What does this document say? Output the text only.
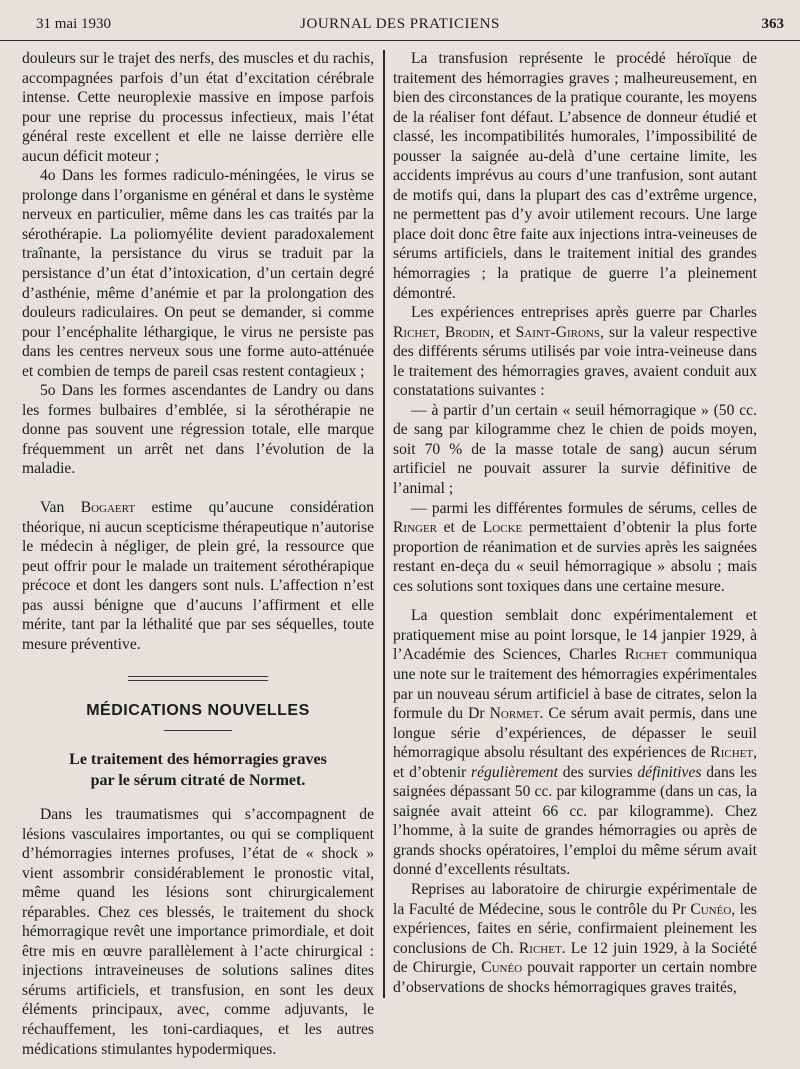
31 mai 1930	JOURNAL DES PRATICIENS	363

douleurs sur le trajet des nerfs, des muscles et du rachis, accompagnées parfois d’un état d’excitation cérébrale intense. Cette neuroplexie massive en impose parfois pour une reprise du processus infectieux, mais l’état général reste excellent et elle ne laisse derrière elle aucun déficit moteur ;

4o Dans les formes radiculo-méningées, le virus se prolonge dans l’organisme en général et dans le système nerveux en particulier, même dans les cas traités par la sérothérapie. La poliomyélite devient paradoxalement traînante, la persistance du virus se traduit par la persistance d’un état d’intoxication, d’un certain degré d’asthénie, même d’anémie et par la prolongation des douleurs radiculaires. On peut se demander, si comme pour l’encéphalite léthargique, le virus ne persiste pas dans les centres nerveux sous une forme auto-atténuée et combien de temps de pareil csas restent contagieux ;

5o Dans les formes ascendantes de Landry ou dans les formes bulbaires d’emblée, si la sérothérapie ne donne pas souvent une régression totale, elle marque fréquemment un arrêt net dans l’évolution de la maladie.

Van Bogaert estime qu’aucune considération théorique, ni aucun scepticisme thérapeutique n’autorise le médecin à négliger, de plein gré, la ressource que peut offrir pour le malade un traitement sérothérapique précoce et dont les dangers sont nuls. L’affection n’est pas aussi bénigne que d’aucuns l’affirment et elle mérite, tant par la léthalité que par ses séquelles, toute mesure préventive.

MÉDICATIONS NOUVELLES
Le traitement des hémorragies graves
par le sérum citraté de Normet.

Dans les traumatismes qui s’accompagnent de lésions vasculaires importantes, ou qui se compliquent d’hémorragies internes profuses, l’état de « shock » vient assombrir considérablement le pronostic vital, même quand les lésions sont chirurgicalement réparables. Chez ces blessés, le traitement du shock hémorragique revêt une importance primordiale, et doit être mis en œuvre parallèlement à l’acte chirurgical : injections intraveineuses de solutions salines dites sérums artificiels, et transfusion, en sont les deux éléments principaux, avec, comme adjuvants, le réchauffement, les toni-cardiaques, et les autres médications stimulantes hypodermiques.

La transfusion représente le procédé héroïque de traitement des hémorragies graves ; malheureusement, en bien des circonstances de la pratique courante, les moyens de la réaliser font défaut. L’absence de donneur étudié et classé, les incompatibilités humorales, l’impossibilité de pousser la saignée au-delà d’une certaine limite, les accidents imprévus au cours d’une tranfusion, sont autant de motifs qui, dans la plupart des cas d’extrême urgence, ne permettent pas d’y avoir utilement recours. Une large place doit donc être faite aux injections intra-veineuses de sérums artificiels, dans le traitement initial des grandes hémorragies ; la pratique de guerre l’a pleinement démontré.

Les expériences entreprises après guerre par Charles Richet, Brodin, et Saint-Girons, sur la valeur respective des différents sérums utilisés par voie intra-veineuse dans le traitement des hémorragies graves, avaient conduit aux constatations suivantes :

— à partir d’un certain « seuil hémorragique » (50 cc. de sang par kilogramme chez le chien de poids moyen, soit 70 % de la masse totale de sang) aucun sérum artificiel ne pouvait assurer la survie définitive de l’animal ;

— parmi les différentes formules de sérums, celles de Ringer et de Locke permettaient d’obtenir la plus forte proportion de réanimation et de survies après les saignées restant en-deça du « seuil hémorragique » absolu ; mais ces solutions sont toxiques dans une certaine mesure.

La question semblait donc expérimentalement et pratiquement mise au point lorsque, le 14 janpier 1929, à l’Académie des Sciences, Charles Richet communiqua une note sur le traitement des hémorragies expérimentales par un nouveau sérum artificiel à base de citrates, selon la formule du Dr Normet. Ce sérum avait permis, dans une longue série d’expériences, de dépasser le seuil hémorragique absolu résultant des expériences de Richet, et d’obtenir régulièrement des survies définitives dans les saignées dépassant 50 cc. par kilogramme (dans un cas, la saignée avait atteint 66 cc. par kilogramme). Chez l’homme, à la suite de grandes hémorragies ou après de grands shocks opératoires, l’emploi du même sérum avait donné d’excellents résultats.

Reprises au laboratoire de chirurgie expérimentale de la Faculté de Médecine, sous le contrôle du Pr Cunéo, les expériences, faites en série, confirmaient pleinement les conclusions de Ch. Richet. Le 12 juin 1929, à la Société de Chirurgie, Cunéo pouvait rapporter un certain nombre d’observations de shocks hémorragiques graves traités,
